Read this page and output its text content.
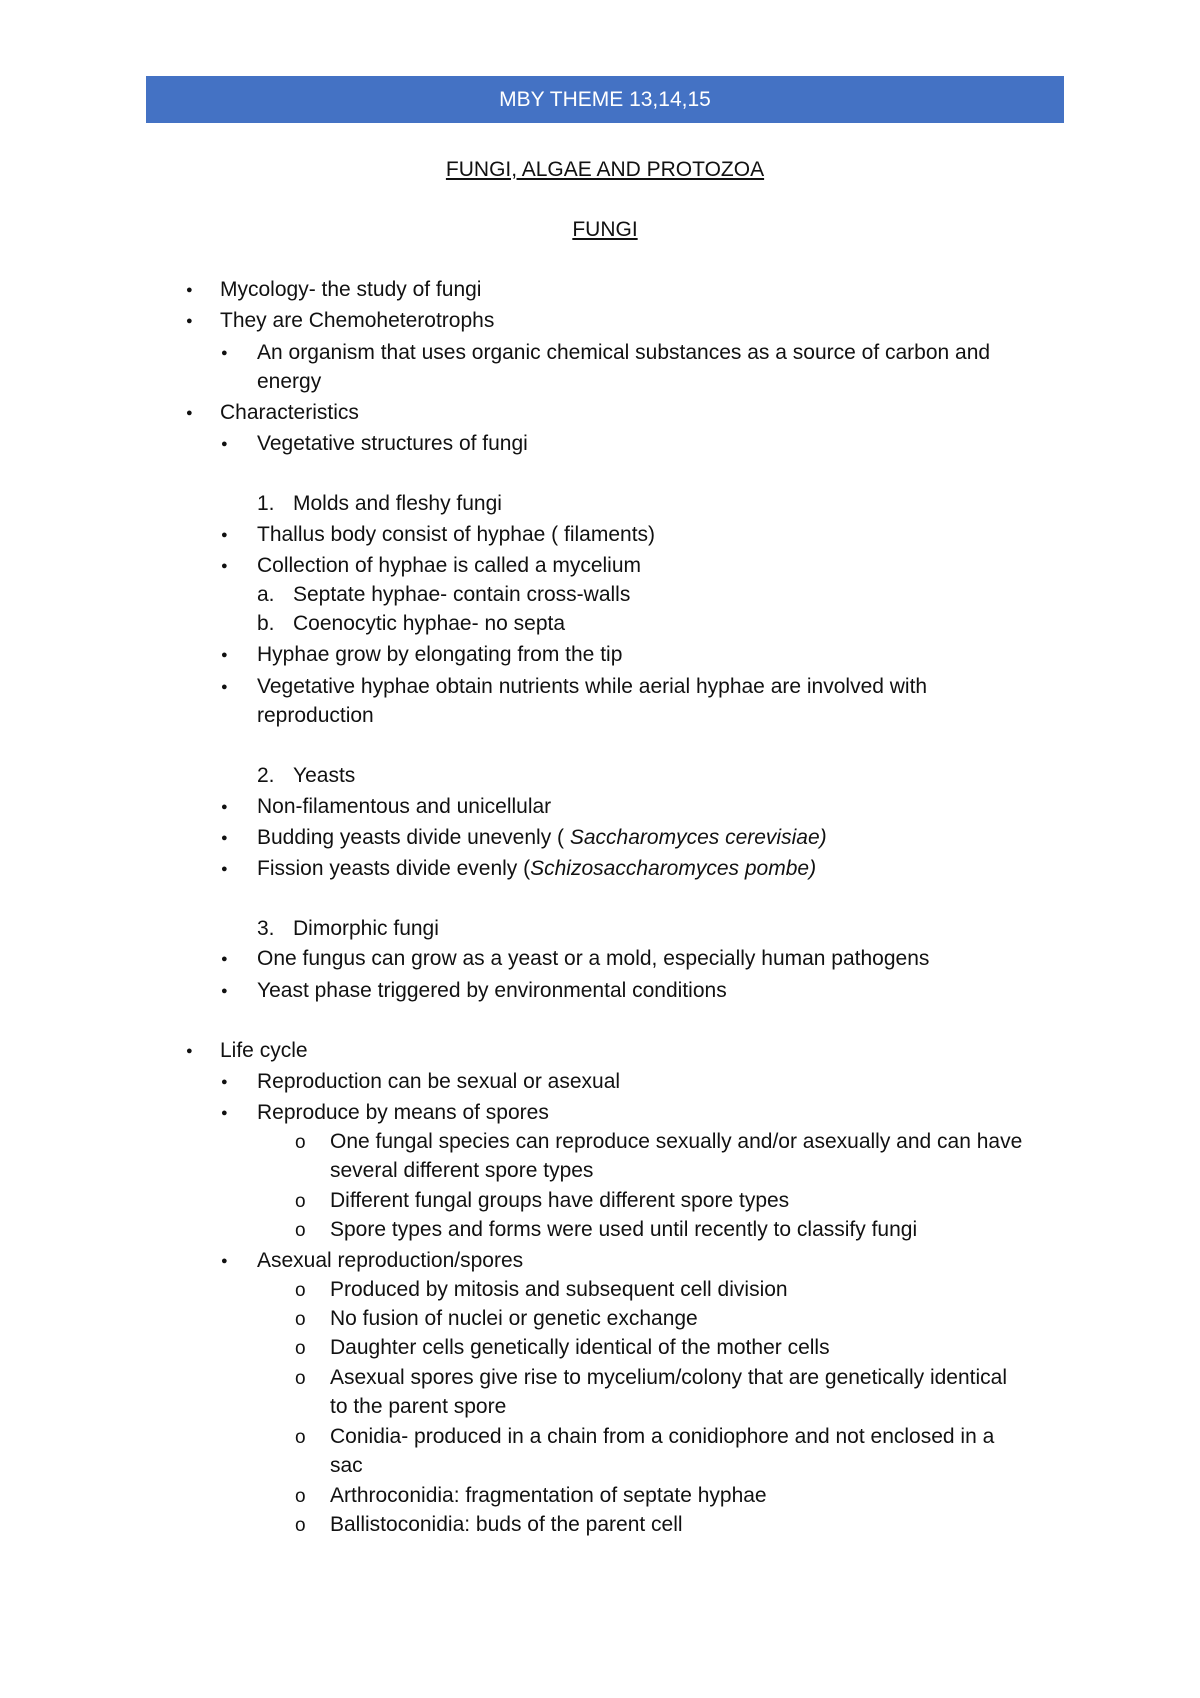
MBY THEME 13,14,15
FUNGI, ALGAE AND PROTOZOA
FUNGI
●
Mycology- the study of fungi
●
They are Chemoheterotrophs
●
An organism that uses organic chemical substances as a source of carbon and
energy
●
Characteristics
●
Vegetative structures of fungi
1. Molds and fleshy fungi
●
Thallus body consist of hyphae ( filaments)
●
Collection of hyphae is called a mycelium
a. Septate hyphae- contain cross-walls
b. Coenocytic hyphae- no septa
●
Hyphae grow by elongating from the tip
●
Vegetative hyphae obtain nutrients while aerial hyphae are involved with
reproduction
2. Yeasts
●
Non-filamentous and unicellular
●
Budding yeasts divide unevenly ( Saccharomyces cerevisiae)
●
Fission yeasts divide evenly (Schizosaccharomyces pombe)
3. Dimorphic fungi
●
One fungus can grow as a yeast or a mold, especially human pathogens
●
Yeast phase triggered by environmental conditions
●
Life cycle
●
Reproduction can be sexual or asexual
●
Reproduce by means of spores
o
One fungal species can reproduce sexually and/or asexually and can have
several different spore types
o
Different fungal groups have different spore types
o
Spore types and forms were used until recently to classify fungi
●
Asexual reproduction/spores
o
Produced by mitosis and subsequent cell division
o
No fusion of nuclei or genetic exchange
o
Daughter cells genetically identical of the mother cells
o
Asexual spores give rise to mycelium/colony that are genetically identical
to the parent spore
o
Conidia- produced in a chain from a conidiophore and not enclosed in a
sac
o
Arthroconidia: fragmentation of septate hyphae
o
Ballistoconidia: buds of the parent cell
